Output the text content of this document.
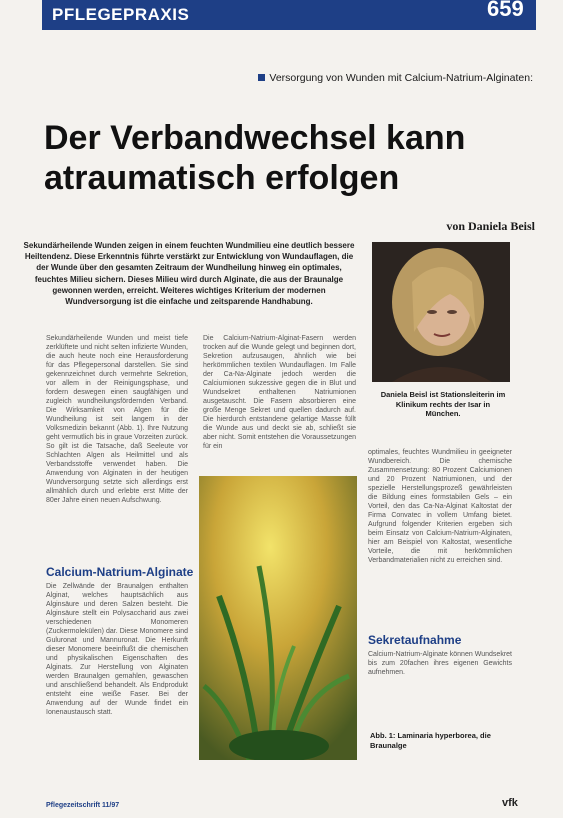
PFLEGEPRAXIS	659
Versorgung von Wunden mit Calcium-Natrium-Alginaten:
Der Verbandwechsel kann
atraumatisch erfolgen
von Daniela Beisl
Sekundärheilende Wunden zeigen in einem feuchten Wundmilieu eine deutlich bessere Heiltendenz. Diese Erkenntnis führte verstärkt zur Entwicklung von Wundauflagen, die der Wunde über den gesamten Zeitraum der Wundheilung hinweg ein optimales, feuchtes Milieu sichern. Dieses Milieu wird durch Alginate, die aus der Braunalge gewonnen werden, erreicht. Weiteres wichtiges Kriterium der modernen Wundversorgung ist die einfache und zeitsparende Handhabung.
Daniela Beisl ist Stationsleiterin im Klinikum rechts der Isar in München.
Sekundärheilende Wunden und meist tiefe zerklüftete und nicht selten infizierte Wunden, die auch heute noch eine Herausforderung für das Pflegepersonal darstellen. Sie sind gekennzeichnet durch vermehrte Sekretion, vor allem in der Reinigungsphase, und fordern deswegen einen saugfähigen und zugleich wundheilungsfördernden Verband. Die Wirksamkeit von Algen für die Wundheilung ist seit langem in der Volksmedizin bekannt (Abb. 1). Ihre Nutzung geht vermutlich bis in graue Vorzeiten zurück. So gilt ist die Tatsache, daß Seeleute vor Schlachten Algen als Heilmittel und als Verbandsstoffe verwendet haben. Die Anwendung von Alginaten in der heutigen Wundversorgung setzte sich allerdings erst allmählich durch und erlebte erst Mitte der 80er Jahre einen neuen Aufschwung.
Die Calcium-Natrium-Alginat-Fasern werden trocken auf die Wunde gelegt und beginnen dort, Sekretion aufzusaugen, ähnlich wie bei herkömmlichen textilen Wundauflagen. Im Falle der Ca-Na-Alginate jedoch werden die Calciumionen sukzessive gegen die in Blut und Wundsekret enthaltenen Natriumionen ausgetauscht. Die Fasern absorbieren eine große Menge Sekret und quellen dadurch auf. Die hierdurch entstandene gelartige Masse füllt die Wunde aus und deckt sie ab, schließt sie aber nicht. Somit entstehen die Voraussetzungen für ein
optimales, feuchtes Wundmilieu in geeigneter Wundbereich. Die chemische Zusammensetzung: 80 Prozent Calciumionen und 20 Prozent Natriumionen, und der spezielle Herstellungsprozeß gewährleisten die Bildung eines formstabilen Gels – ein Vorteil, den das Ca-Na-Alginat Kaltostat der Firma Convatec in vollem Umfang bietet. Aufgrund folgender Kriterien ergeben sich beim Einsatz von Calcium-Natrium-Alginaten, hier am Beispiel von Kaltostat, wesentliche Vorteile, die mit herkömmlichen Verbandmaterialien nicht zu erreichen sind.
Calcium-Natrium-Alginate
Die Zellwände der Braunalgen enthalten Alginat, welches hauptsächlich aus Alginsäure und deren Salzen besteht. Die Alginsäure stellt ein Polysaccharid aus zwei verschiedenen Monomeren (Zuckermolekülen) dar. Diese Monomere sind Guluronat und Mannuronat. Die Herkunft dieser Monomere beeinflußt die chemischen und physikalischen Eigenschaften des Alginats. Zur Herstellung von Alginaten werden Braunalgen gemahlen, gewaschen und anschließend behandelt. Als Endprodukt entsteht eine weiße Faser. Bei der Anwendung auf der Wunde findet ein Ionenaustausch statt.
Sekretaufnahme
Calcium-Natrium-Alginate können Wundsekret bis zum 20fachen ihres eigenen Gewichts aufnehmen.
Abb. 1: Laminaria hyperborea, die Braunalge
Pflegezeitschrift 11/97	vfk
